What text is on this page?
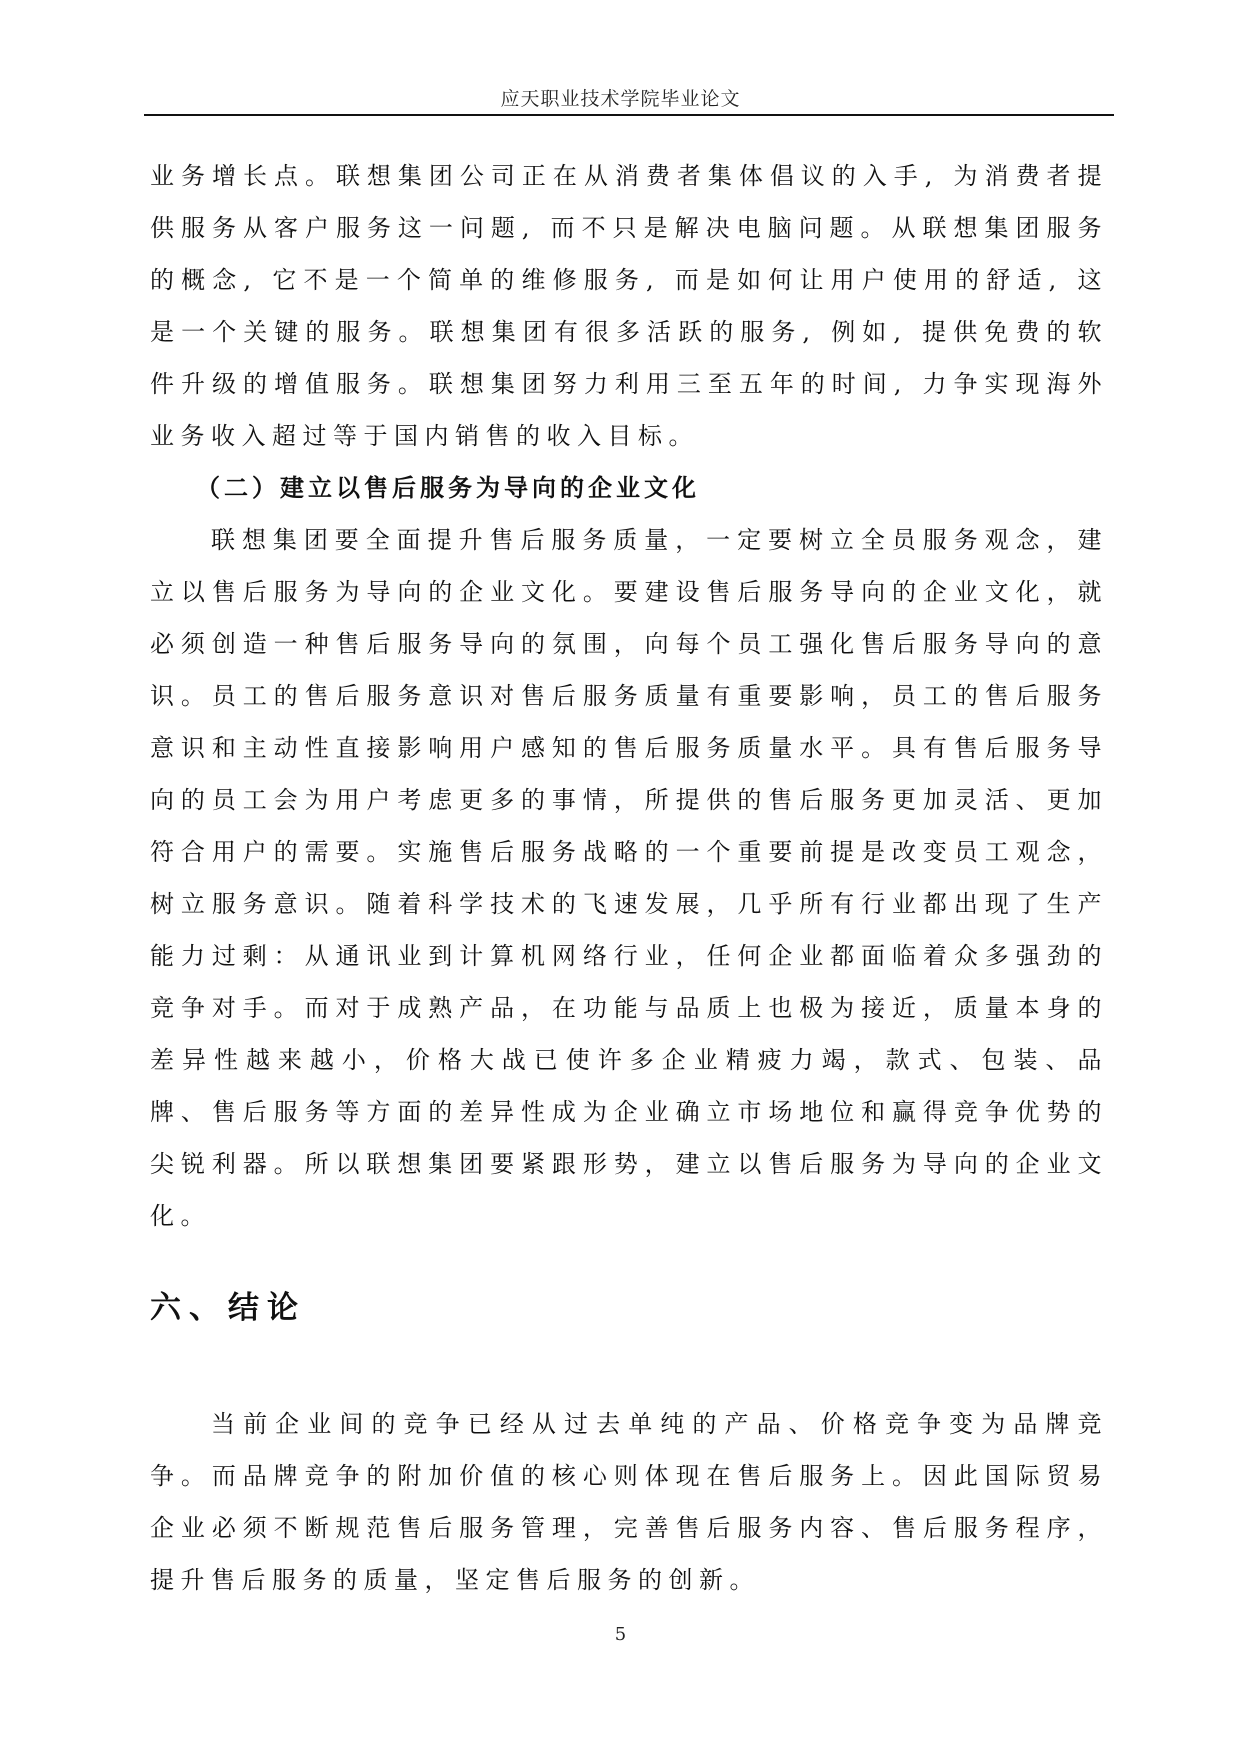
应天职业技术学院毕业论文

业务增长点。联想集团公司正在从消费者集体倡议的入手, 为消费者提供服务从客户服务这一问题, 而不只是解决电脑问题。从联想集团服务的概念, 它不是一个简单的维修服务, 而是如何让用户使用的舒适, 这是一个关键的服务。联想集团有很多活跃的服务, 例如, 提供免费的软件升级的增值服务。联想集团努力利用三至五年的时间, 力争实现海外业务收入超过等于国内销售的收入目标。

（二）建立以售后服务为导向的企业文化

联想集团要全面提升售后服务质量，一定要树立全员服务观念，建立以售后服务为导向的企业文化。要建设售后服务导向的企业文化，就必须创造一种售后服务导向的氛围，向每个员工强化售后服务导向的意识。员工的售后服务意识对售后服务质量有重要影响，员工的售后服务意识和主动性直接影响用户感知的售后服务质量水平。具有售后服务导向的员工会为用户考虑更多的事情，所提供的售后服务更加灵活、更加符合用户的需要。实施售后服务战略的一个重要前提是改变员工观念，树立服务意识。随着科学技术的飞速发展，几乎所有行业都出现了生产能力过剩：从通讯业到计算机网络行业，任何企业都面临着众多强劲的竞争对手。而对于成熟产品，在功能与品质上也极为接近，质量本身的差异性越来越小，价格大战已使许多企业精疲力竭，款式、包装、品牌、售后服务等方面的差异性成为企业确立市场地位和赢得竞争优势的尖锐利器。所以联想集团要紧跟形势，建立以售后服务为导向的企业文化。

六、结论

当前企业间的竞争已经从过去单纯的产品、价格竞争变为品牌竞争。而品牌竞争的附加价值的核心则体现在售后服务上。因此国际贸易企业必须不断规范售后服务管理，完善售后服务内容、售后服务程序，提升售后服务的质量，坚定售后服务的创新。

5
